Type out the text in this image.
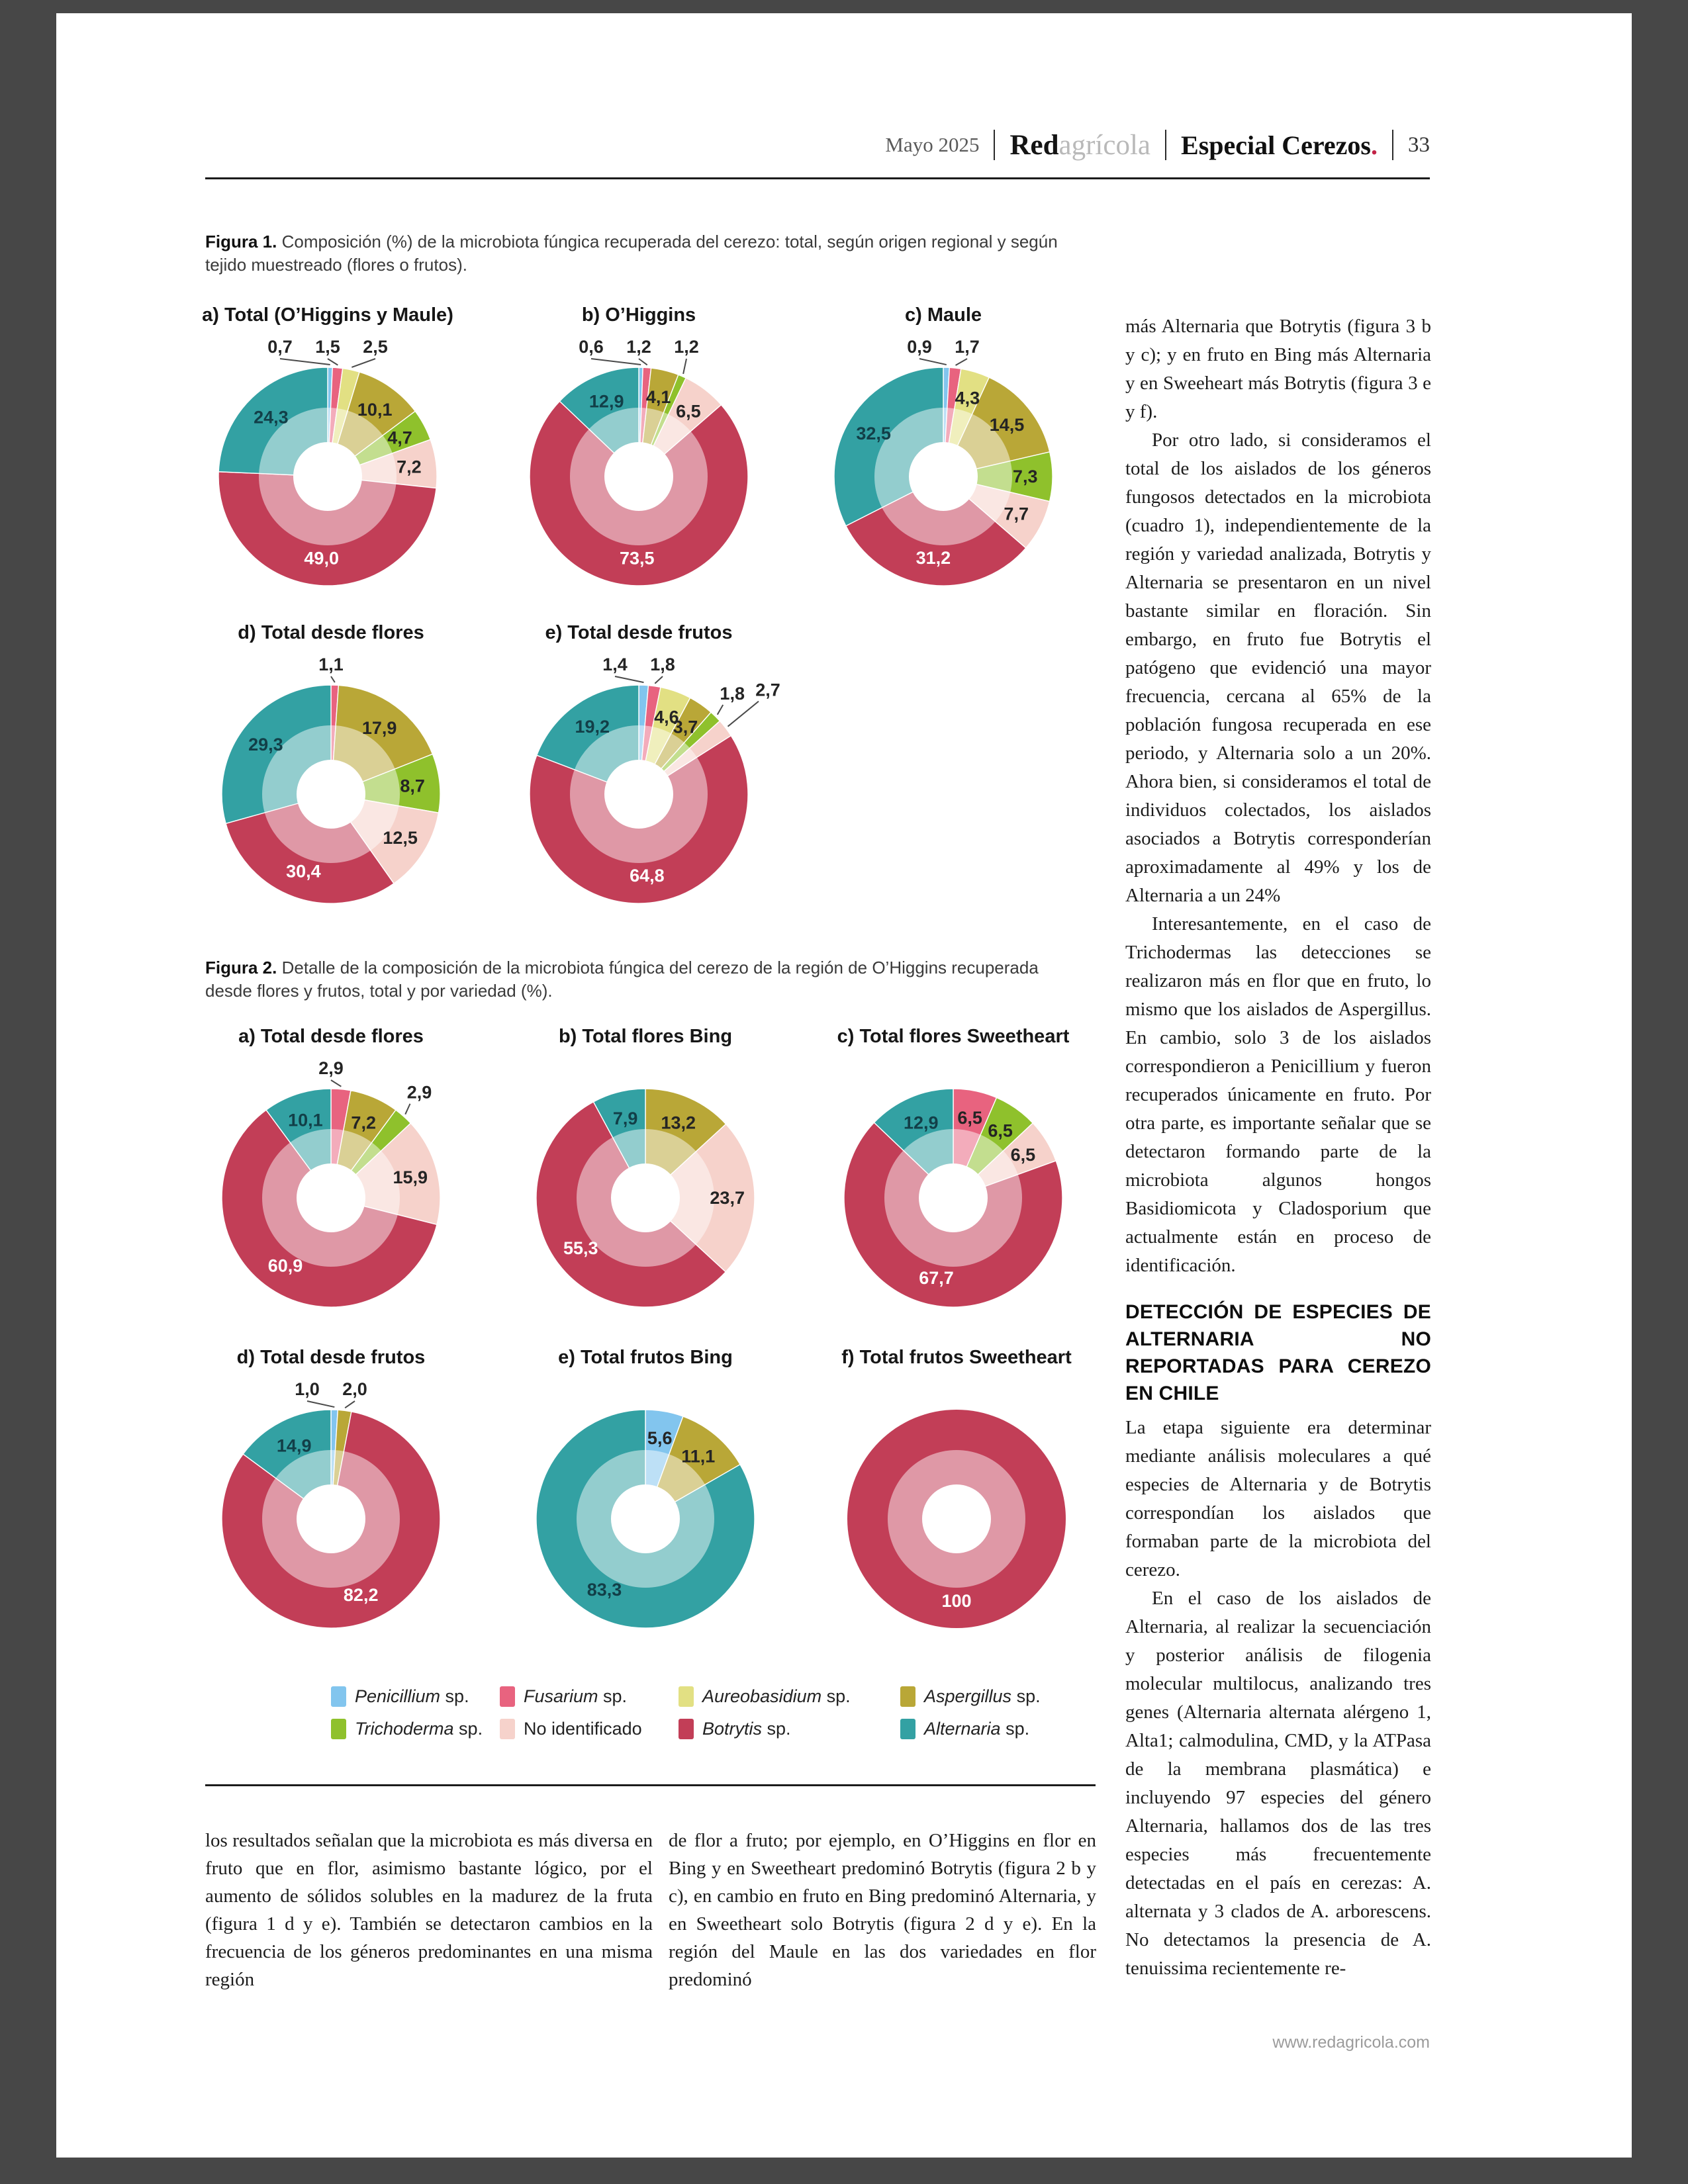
Mayo 2025 Redagrícola Especial Cerezos. 33
Figura 1. Composición (%) de la microbiota fúngica recuperada del cerezo: total, según origen regional y según tejido muestreado (flores o frutos).
a) Total (O’Higgins y Maule)
0,7 1,5 2,5
10,1
4,7
7,2
49,0
24,3
b) O’Higgins
0,6 1,2
4,1
1,2
6,5
73,5
12,9
c) Maule
0,9 1,7
4,3
14,5
7,3
7,7
31,2
32,5
d) Total desde flores
1,1
17,9
8,7
12,5
30,4
29,3
e) Total desde frutos
1,4 1,8
4,6
3,7
1,8 2,7
64,8
19,2
Figura 2. Detalle de la composición de la microbiota fúngica del cerezo de la región de O’Higgins recuperada desde flores y frutos, total y por variedad (%).
a) Total desde flores
2,9
7,2
2,9
15,9
60,9
10,1
b) Total flores Bing
13,2
23,7
55,3
7,9
c) Total flores Sweetheart
6,5
6,5
6,5
67,7
12,9
d) Total desde frutos
1,0 2,0
82,2
14,9
e) Total frutos Bing
5,6
11,1
83,3
f) Total frutos Sweetheart
100
Penicillium sp.	Fusarium sp.	Aureobasidium sp.	Aspergillus sp.
Trichoderma sp. No identificado	Botrytis sp.	Alternaria sp.
los resultados señalan que la microbiota es más diversa en fruto que en flor, asimismo bastante lógico, por el aumento de sólidos solubles en la madurez de la fruta (figura 1 d y e). También se detectaron cambios en la frecuencia de los géneros predominantes en una misma región
de flor a fruto; por ejemplo, en O’Higgins en flor en Bing y en Sweetheart predominó Botrytis (figura 2 b y c), en cambio en fruto en Bing predominó Alternaria, y en Sweetheart solo Botrytis (figura 2 d y e). En la región del Maule en las dos variedades en flor predominó

más Alternaria que Botrytis (figura 3 b y c); y en fruto en Bing más Alternaria y en Sweeheart más Botrytis (figura 3 e y f).

Por otro lado, si consideramos el total de los aislados de los géneros fungosos detectados en la microbiota (cuadro 1), independientemente de la región y variedad analizada, Botrytis y Alternaria se presentaron en un nivel bastante similar en floración. Sin embargo, en fruto fue Botrytis el patógeno que evidenció una mayor frecuencia, cercana al 65% de la población fungosa recuperada en ese periodo, y Alternaria solo a un 20%. Ahora bien, si consideramos el total de individuos colectados, los aislados asociados a Botrytis corresponderían aproximadamente al 49% y los de Alternaria a un 24%

Interesantemente, en el caso de Trichodermas las detecciones se realizaron más en flor que en fruto, lo mismo que los aislados de Aspergillus. En cambio, solo 3 de los aislados correspondieron a Penicillium y fueron recuperados únicamente en fruto. Por otra parte, es importante señalar que se detectaron formando parte de la microbiota algunos hongos Basidiomicota y Cladosporium que actualmente están en proceso de identificación.

DETECCIÓN DE ESPECIES DE ALTERNARIA NO REPORTADAS PARA CEREZO EN CHILE

La etapa siguiente era determinar mediante análisis moleculares a qué especies de Alternaria y de Botrytis correspondían los aislados que formaban parte de la microbiota del cerezo.

En el caso de los aislados de Alternaria, al realizar la secuenciación y posterior análisis de filogenia molecular multilocus, analizando tres genes (Alternaria alternata alérgeno 1, Alta1; calmodulina, CMD, y la ATPasa de la membrana plasmática) e incluyendo 97 especies del género Alternaria, hallamos dos de las tres especies más frecuentemente detectadas en el país en cerezas: A. alternata y 3 clados de A. arborescens. No detectamos la presencia de A. tenuissima recientemente re-

www.redagricola.com
